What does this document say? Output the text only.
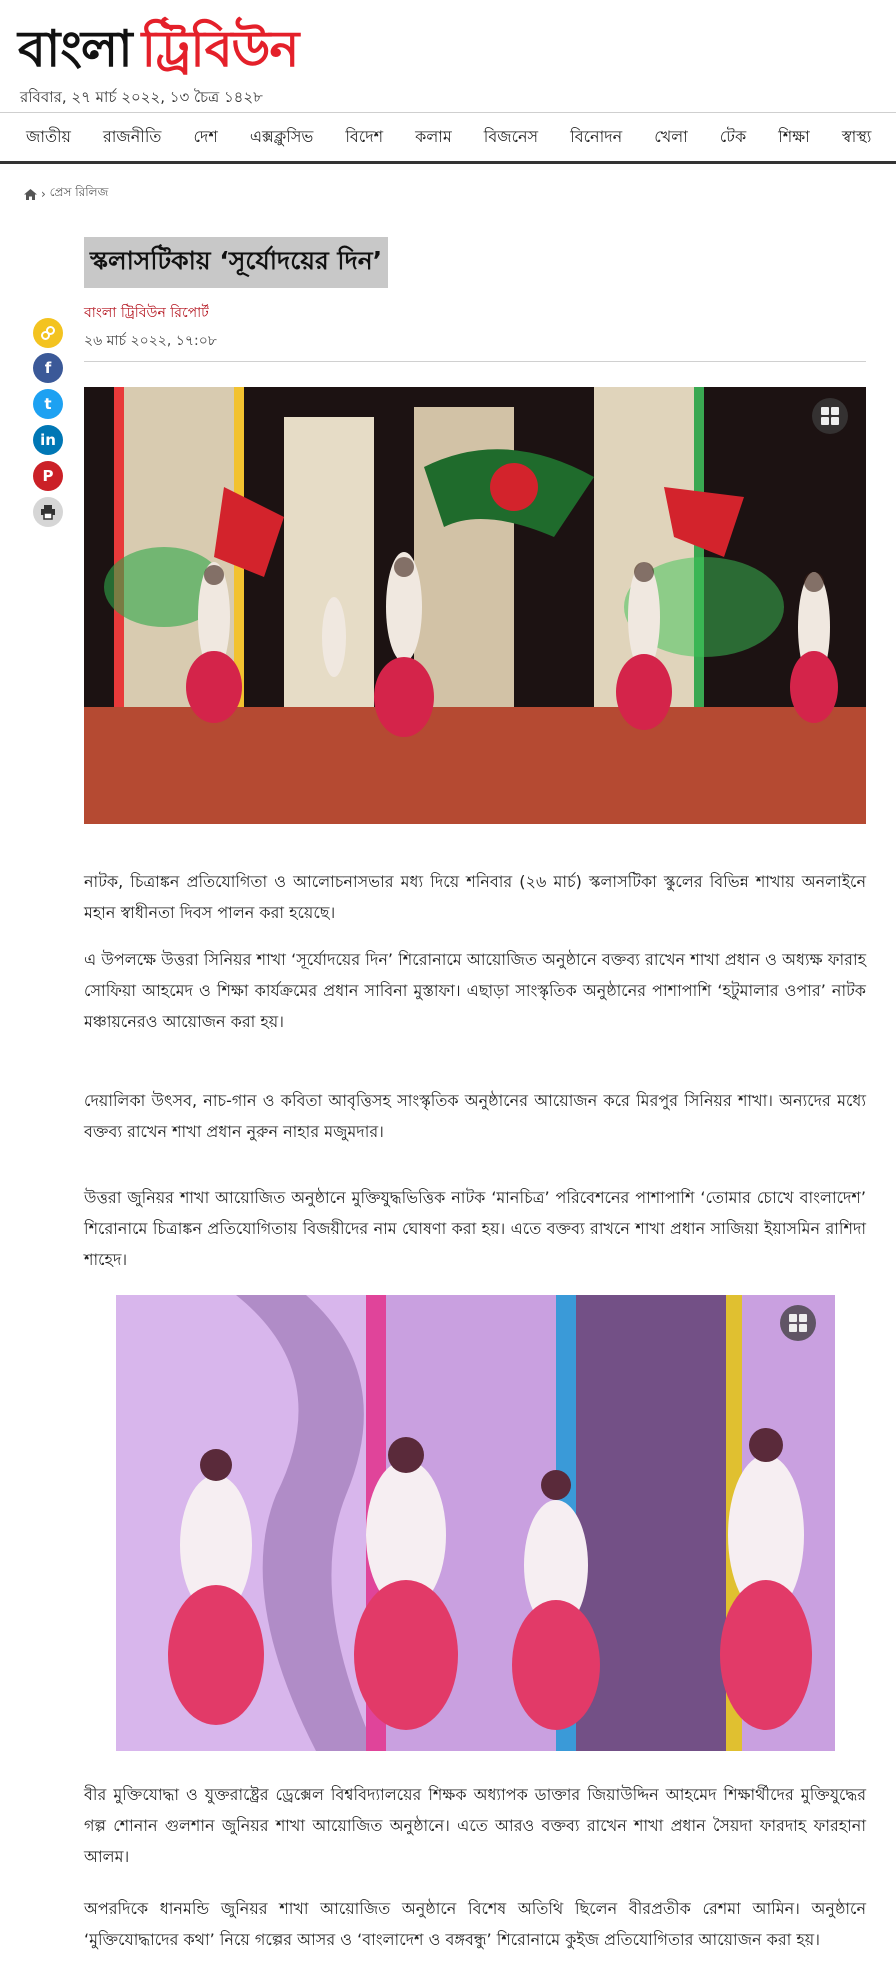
বাংলা ট্রিবিউন
রবিবার, ২৭ মার্চ ২০২২, ১৩ চৈত্র ১৪২৮
জাতীয়	রাজনীতি	দেশ	এক্সক্লুসিভ	বিদেশ	কলাম	বিজনেস	বিনোদন	খেলা	টেক	শিক্ষা	স্বাস্থ্য
› প্রেস রিলিজ
f
t
in
P
স্কলাসটিকায় ‘সূর্যোদয়ের দিন’
বাংলা ট্রিবিউন রিপোর্ট
২৬ মার্চ ২০২২, ১৭:০৮

নাটক, চিত্রাঙ্কন প্রতিযোগিতা ও আলোচনাসভার মধ্য দিয়ে শনিবার (২৬ মার্চ) স্কলাসটিকা স্কুলের বিভিন্ন শাখায় অনলাইনে মহান স্বাধীনতা দিবস পালন করা হয়েছে।

এ উপলক্ষে উত্তরা সিনিয়র শাখা ‘সূর্যোদয়ের দিন’ শিরোনামে আয়োজিত অনুষ্ঠানে বক্তব্য রাখেন শাখা প্রধান ও অধ্যক্ষ ফারাহ সোফিয়া আহমেদ ও শিক্ষা কার্যক্রমের প্রধান সাবিনা মুস্তাফা। এছাড়া সাংস্কৃতিক অনুষ্ঠানের পাশাপাশি ‘হটুমালার ওপার’ নাটক মঞ্চায়নেরও আয়োজন করা হয়।

দেয়ালিকা উৎসব, নাচ-গান ও কবিতা আবৃত্তিসহ সাংস্কৃতিক অনুষ্ঠানের আয়োজন করে মিরপুর সিনিয়র শাখা। অন্যদের মধ্যে বক্তব্য রাখেন শাখা প্রধান নুরুন নাহার মজুমদার।

উত্তরা জুনিয়র শাখা আয়োজিত অনুষ্ঠানে মুক্তিযুদ্ধভিত্তিক নাটক ‘মানচিত্র’ পরিবেশনের পাশাপাশি ‘তোমার চোখে বাংলাদেশ’ শিরোনামে চিত্রাঙ্কন প্রতিযোগিতায় বিজয়ীদের নাম ঘোষণা করা হয়। এতে বক্তব্য রাখনে শাখা প্রধান সাজিয়া ইয়াসমিন রাশিদা শাহেদ।

বীর মুক্তিযোদ্ধা ও যুক্তরাষ্ট্রের ড্রেক্সেল বিশ্ববিদ্যালয়ের শিক্ষক অধ্যাপক ডাক্তার জিয়াউদ্দিন আহমেদ শিক্ষার্থীদের মুক্তিযুদ্ধের গল্প শোনান গুলশান জুনিয়র শাখা আয়োজিত অনুষ্ঠানে। এতে আরও বক্তব্য রাখেন শাখা প্রধান সৈয়দা ফারদাহ ফারহানা আলম।

অপরদিকে ধানমন্ডি জুনিয়র শাখা আয়োজিত অনুষ্ঠানে বিশেষ অতিথি ছিলেন বীরপ্রতীক রেশমা আমিন। অনুষ্ঠানে ‘মুক্তিযোদ্ধাদের কথা’ নিয়ে গল্পের আসর ও ‘বাংলাদেশ ও বঙ্গবন্ধু’ শিরোনামে কুইজ প্রতিযোগিতার আয়োজন করা হয়।
